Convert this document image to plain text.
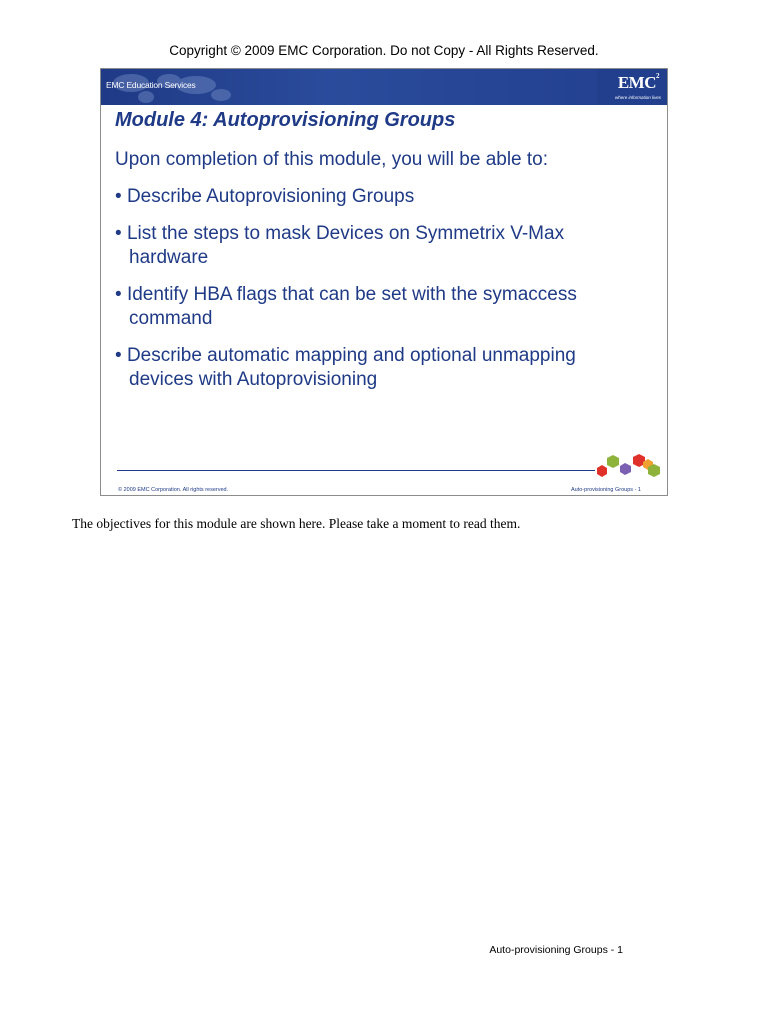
Copyright © 2009 EMC Corporation. Do not Copy - All Rights Reserved.
EMC Education Services	EMC$^2$
where information lives
Module 4: Autoprovisioning Groups
Upon completion of this module, you will be able to:
• Describe Autoprovisioning Groups
• List the steps to mask Devices on Symmetrix V-Max hardware
• Identify HBA flags that can be set with the symaccess command
• Describe automatic mapping and optional unmapping devices with Autoprovisioning
© 2009 EMC Corporation. All rights reserved.	Auto-provisioning Groups - 1
The objectives for this module are shown here. Please take a moment to read them.
Auto-provisioning Groups - 1
